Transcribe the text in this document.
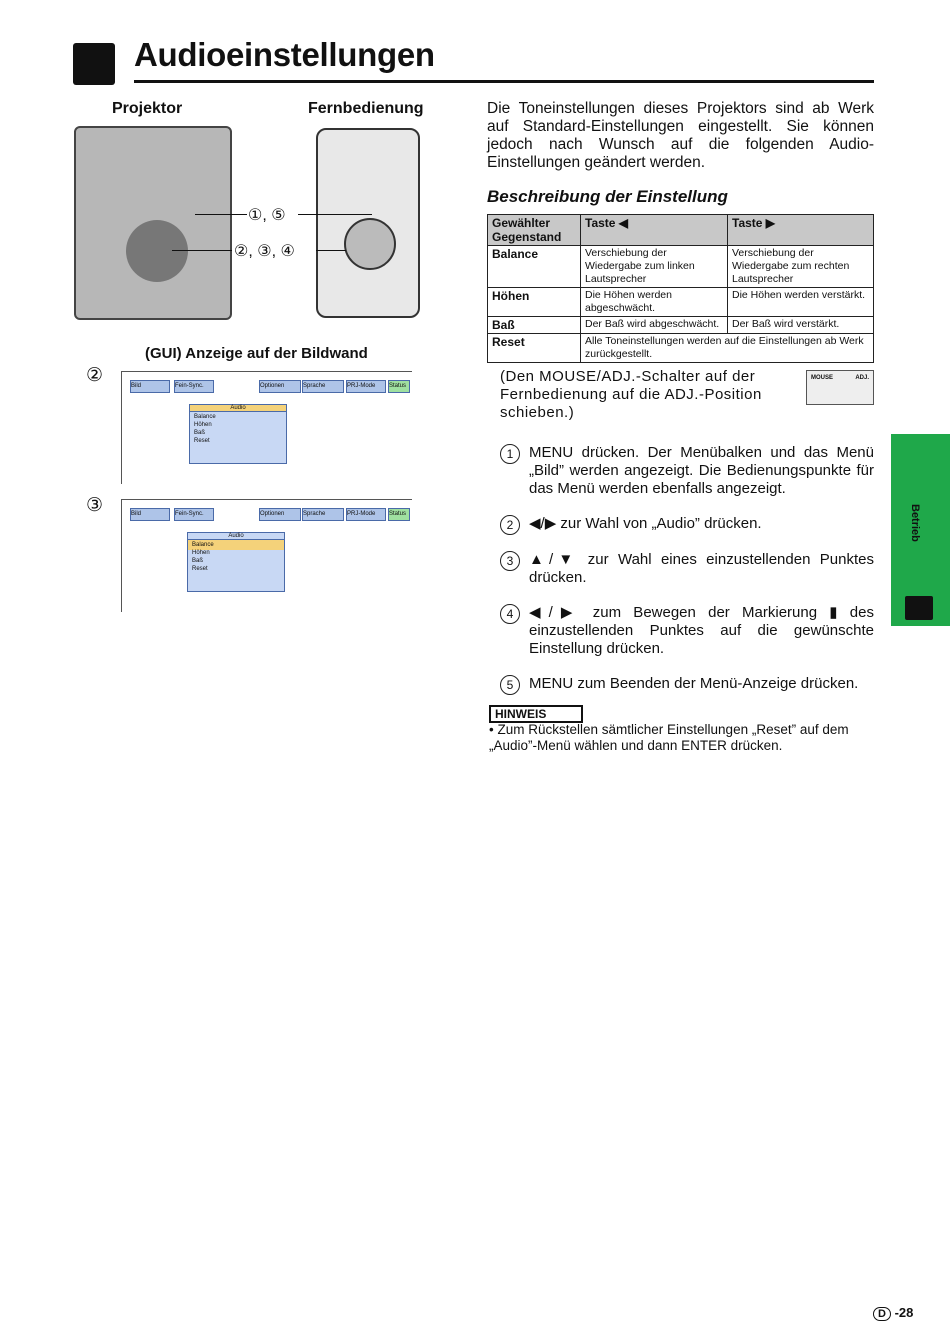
Audioeinstellungen
Projektor	Fernbedienung
①, ⑤
②, ③, ④
(GUI) Anzeige auf der Bildwand
②	Bild	Fein-Sync.	Optionen	Sprache	PRJ-Mode	Status
Audio
Balance
Höhen
Baß
Reset
③	Bild	Fein-Sync.	Optionen	Sprache	PRJ-Mode	Status
Audio
Balance
Höhen
Baß
Reset
Die Toneinstellungen dieses Projektors sind ab Werk auf Standard-Einstellungen eingestellt. Sie können jedoch nach Wunsch auf die folgenden Audio-Einstellungen geändert werden.
Beschreibung der Einstellung
Gewählter Gegenstand	Taste ◀	Taste ▶
Balance	Verschiebung der Wiedergabe zum linken Lautsprecher	Verschiebung der Wiedergabe zum rechten Lautsprecher
Höhen	Die Höhen werden abgeschwächt.	Die Höhen werden verstärkt.
Baß	Der Baß wird abgeschwächt.	Der Baß wird verstärkt.
Reset	Alle Toneinstellungen werden auf die Einstellungen ab Werk zurückgestellt.	
(Den MOUSE/ADJ.-Schalter auf der Fernbedienung auf die ADJ.-Position schieben.)
MOUSE	ADJ.
1	MENU drücken. Der Menübalken und das Menü „Bild” werden angezeigt. Die Bedienungspunkte für das Menü werden ebenfalls angezeigt.
2	◀/▶ zur Wahl von „Audio” drücken.
3	▲/▼ zur Wahl eines einzustellenden Punktes drücken.
4	◀/▶ zum Bewegen der Markierung ▮ des einzustellenden Punktes auf die gewünschte Einstellung drücken.
5	MENU zum Beenden der Menü-Anzeige drücken.
HINWEIS
• Zum Rückstellen sämtlicher Einstellungen „Reset” auf dem „Audio”-Menü wählen und dann ENTER drücken.
Betrieb
D -28
